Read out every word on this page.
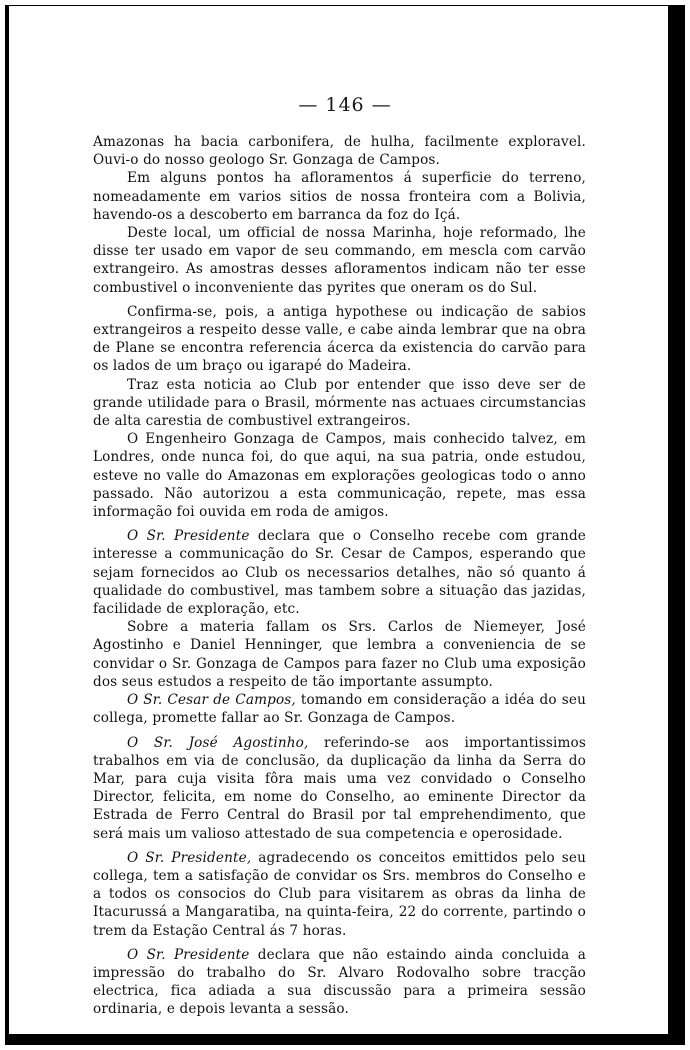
— 146 —

Amazonas ha bacia carbonifera, de hulha, facilmente exploravel. Ouvi-o do nosso geologo Sr. Gonzaga de Campos.

Em alguns pontos ha afloramentos á superficie do terreno, nomeadamente em varios sitios de nossa fronteira com a Bolivia, havendo-os a descoberto em barranca da foz do Içá.

Deste local, um official de nossa Marinha, hoje reformado, lhe disse ter usado em vapor de seu commando, em mescla com carvão extrangeiro. As amostras desses afloramentos indicam não ter esse combustivel o inconveniente das pyrites que oneram os do Sul.

Confirma-se, pois, a antiga hypothese ou indicação de sabios extrangeiros a respeito desse valle, e cabe ainda lembrar que na obra de Plane se encontra referencia ácerca da existencia do carvão para os lados de um braço ou igarapé do Madeira.

Traz esta noticia ao Club por entender que isso deve ser de grande utilidade para o Brasil, mórmente nas actuaes circumstancias de alta carestia de combustivel extrangeiros.

O Engenheiro Gonzaga de Campos, mais conhecido talvez, em Londres, onde nunca foi, do que aqui, na sua patria, onde estudou, esteve no valle do Amazonas em explorações geologicas todo o anno passado. Não autorizou a esta communicação, repete, mas essa informação foi ouvida em roda de amigos.

O Sr. Presidente declara que o Conselho recebe com grande interesse a communicação do Sr. Cesar de Campos, esperando que sejam fornecidos ao Club os necessarios detalhes, não só quanto á qualidade do combustivel, mas tambem sobre a situação das jazidas, facilidade de exploração, etc.

Sobre a materia fallam os Srs. Carlos de Niemeyer, José Agostinho e Daniel Henninger, que lembra a conveniencia de se convidar o Sr. Gonzaga de Campos para fazer no Club uma exposição dos seus estudos a respeito de tão importante assumpto.

O Sr. Cesar de Campos, tomando em consideração a idéa do seu collega, promette fallar ao Sr. Gonzaga de Campos.

O Sr. José Agostinho, referindo-se aos importantissimos trabalhos em via de conclusão, da duplicação da linha da Serra do Mar, para cuja visita fôra mais uma vez convidado o Conselho Director, felicita, em nome do Conselho, ao eminente Director da Estrada de Ferro Central do Brasil por tal emprehendimento, que será mais um valioso attestado de sua competencia e operosidade.

O Sr. Presidente, agradecendo os conceitos emittidos pelo seu collega, tem a satisfação de convidar os Srs. membros do Conselho e a todos os consocios do Club para visitarem as obras da linha de Itacurussá a Mangaratiba, na quinta-feira, 22 do corrente, partindo o trem da Estação Central ás 7 horas.

O Sr. Presidente declara que não estaindo ainda concluida a impressão do trabalho do Sr. Alvaro Rodovalho sobre tracção electrica, fica adiada a sua discussão para a primeira sessão ordinaria, e depois levanta a sessão.
